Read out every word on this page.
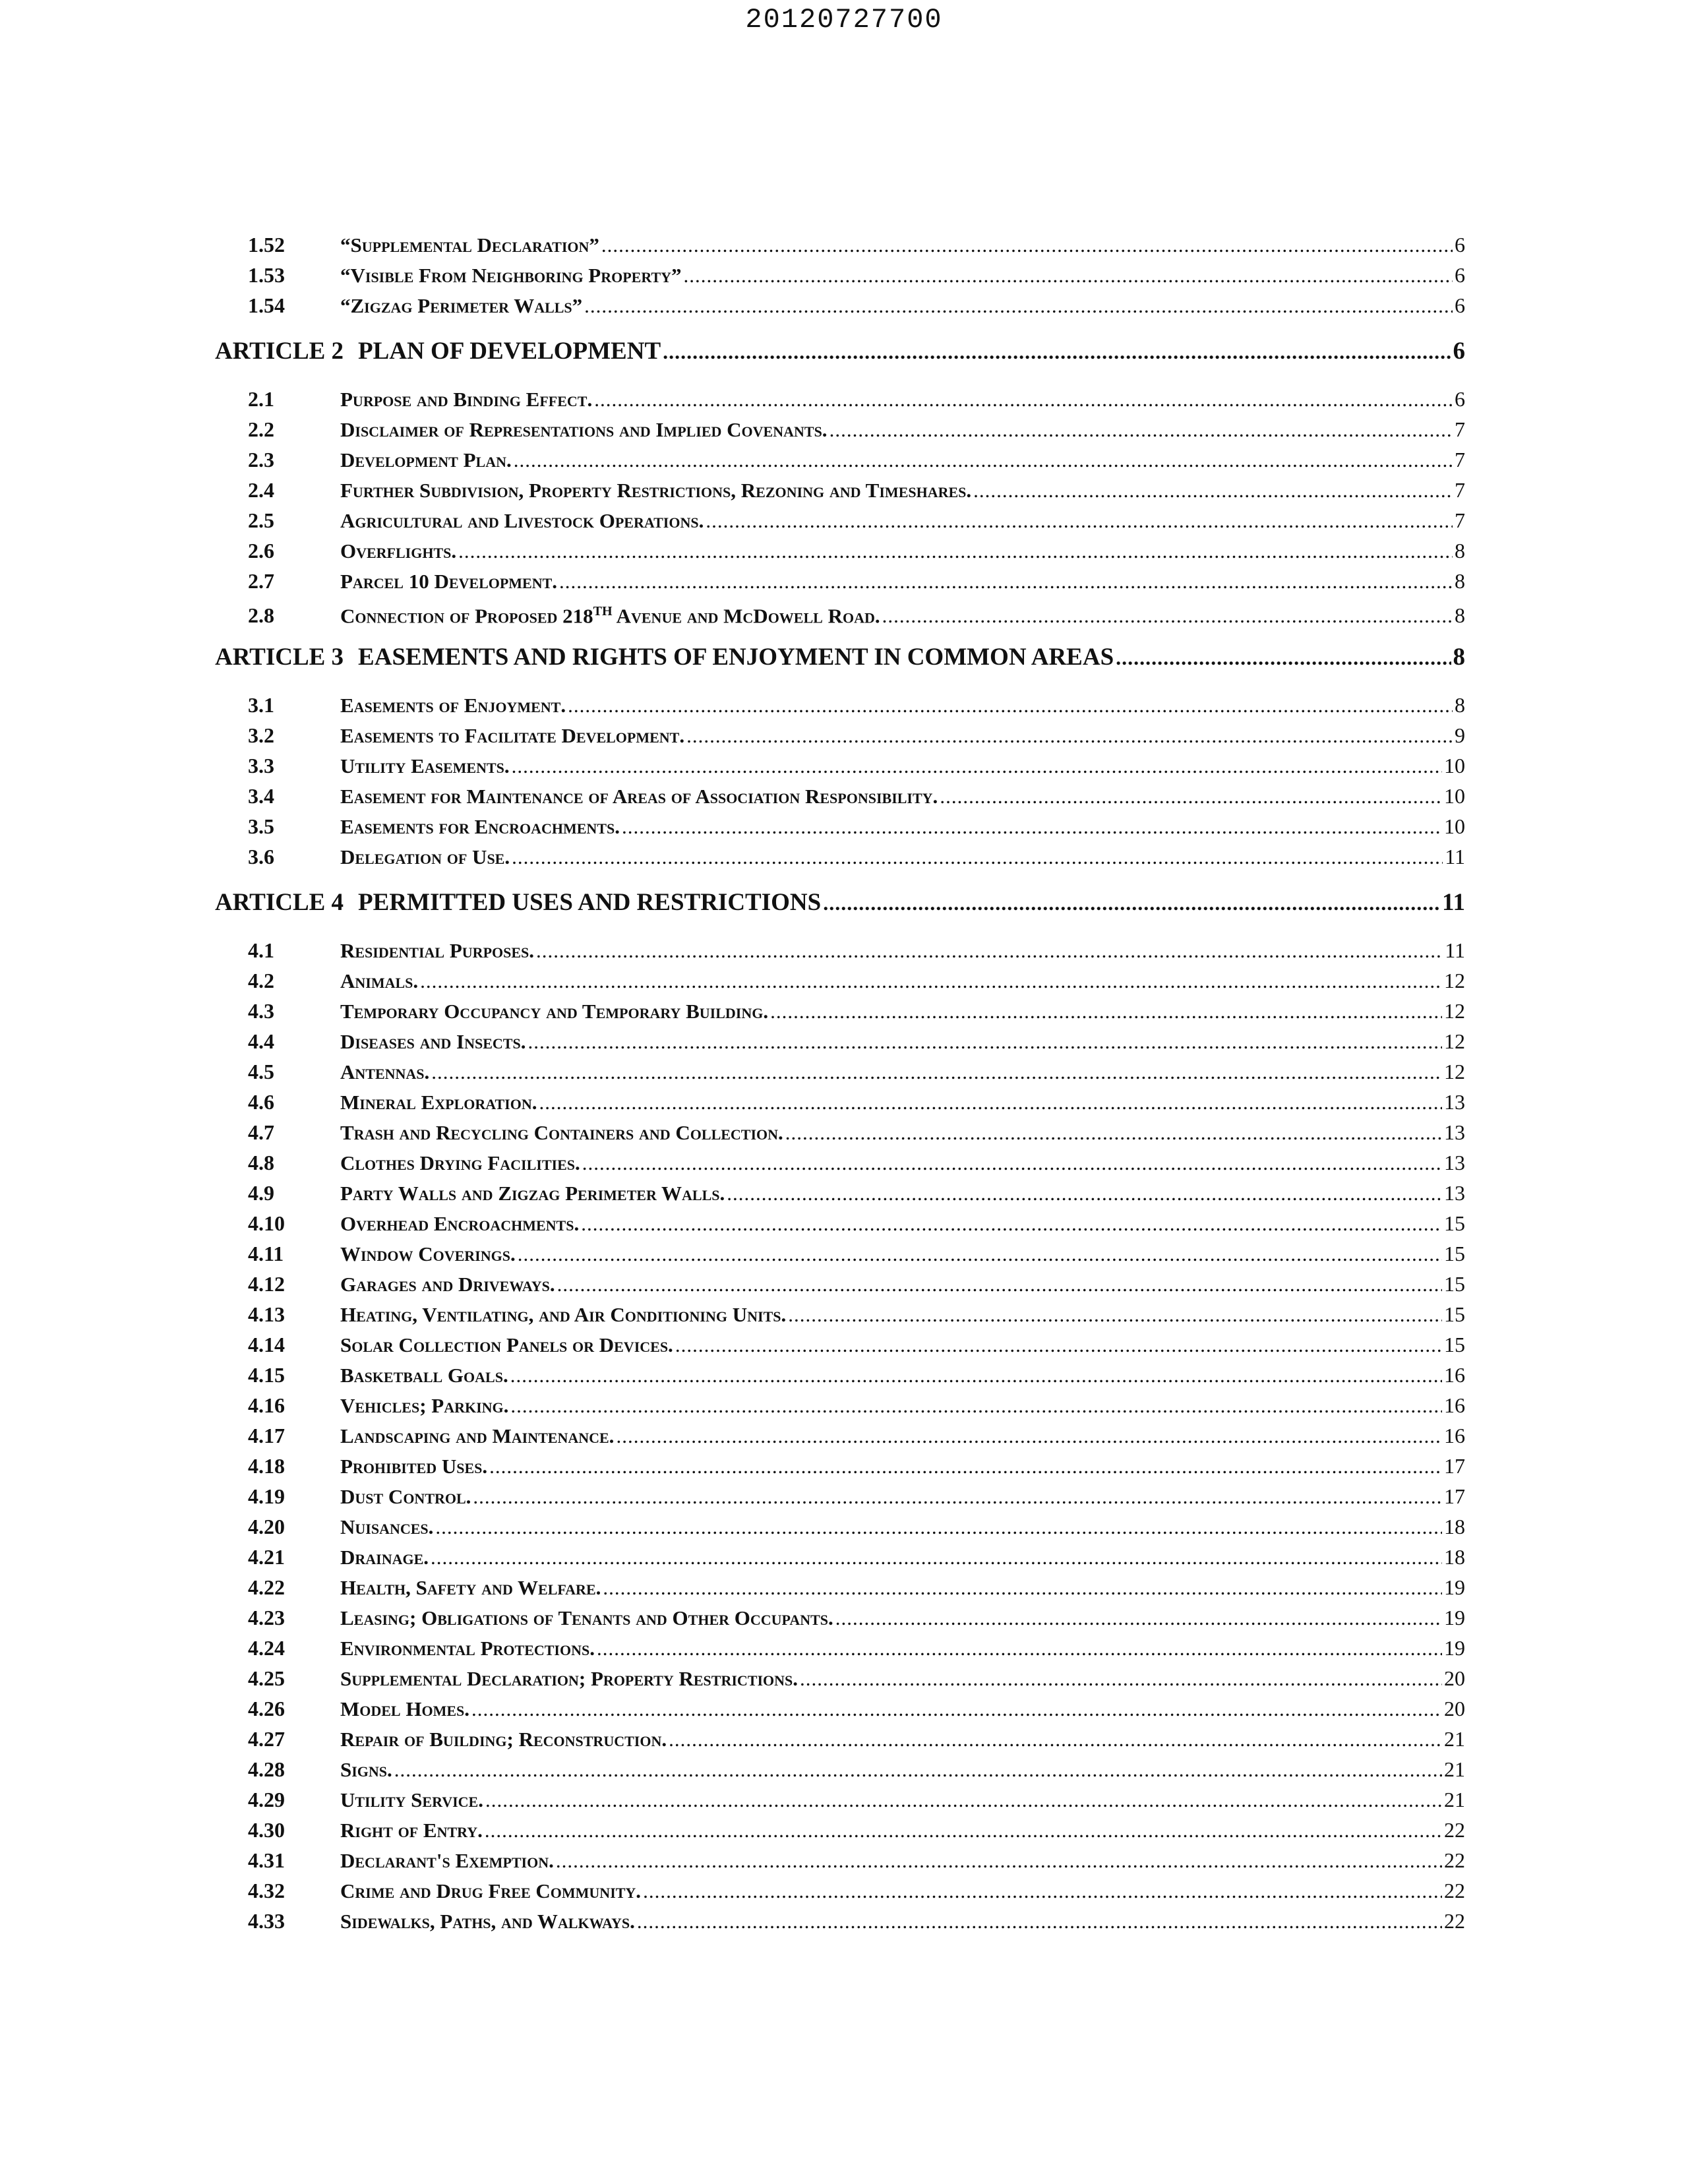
20120727700
1.52	“Supplemental Declaration” .....	6
1.53	“Visible From Neighboring Property” .....	6
1.54	“Zigzag Perimeter Walls” .....	6
ARTICLE 2 PLAN OF DEVELOPMENT .....	6
2.1	Purpose and Binding Effect. .....	6
2.2	Disclaimer of Representations and Implied Covenants. .....	7
2.3	Development Plan. .....	7
2.4	Further Subdivision, Property Restrictions, Rezoning and Timeshares. .....	7
2.5	Agricultural and Livestock Operations. .....	7
2.6	Overflights. .....	8
2.7	Parcel 10 Development. .....	8
2.8	Connection of Proposed 218TH Avenue and McDowell Road. .....	8
ARTICLE 3 EASEMENTS AND RIGHTS OF ENJOYMENT IN COMMON AREAS .....	8
3.1	Easements of Enjoyment. .....	8
3.2	Easements to Facilitate Development. .....	9
3.3	Utility Easements. .....	10
3.4	Easement for Maintenance of Areas of Association Responsibility. .....	10
3.5	Easements for Encroachments. .....	10
3.6	Delegation of Use. .....	11
ARTICLE 4 PERMITTED USES AND RESTRICTIONS .....	11
4.1	Residential Purposes. .....	11
4.2	Animals. .....	12
4.3	Temporary Occupancy and Temporary Building. .....	12
4.4	Diseases and Insects. .....	12
4.5	Antennas. .....	12
4.6	Mineral Exploration. .....	13
4.7	Trash and Recycling Containers and Collection. .....	13
4.8	Clothes Drying Facilities. .....	13
4.9	Party Walls and Zigzag Perimeter Walls. .....	13
4.10	Overhead Encroachments. .....	15
4.11	Window Coverings. .....	15
4.12	Garages and Driveways. .....	15
4.13	Heating, Ventilating, and Air Conditioning Units. .....	15
4.14	Solar Collection Panels or Devices. .....	15
4.15	Basketball Goals. .....	16
4.16	Vehicles; Parking. .....	16
4.17	Landscaping and Maintenance. .....	16
4.18	Prohibited Uses. .....	17
4.19	Dust Control. .....	17
4.20	Nuisances. .....	18
4.21	Drainage. .....	18
4.22	Health, Safety and Welfare. .....	19
4.23	Leasing; Obligations of Tenants and Other Occupants. .....	19
4.24	Environmental Protections. .....	19
4.25	Supplemental Declaration; Property Restrictions. .....	20
4.26	Model Homes. .....	20
4.27	Repair of Building; Reconstruction. .....	21
4.28	Signs. .....	21
4.29	Utility Service. .....	21
4.30	Right of Entry. .....	22
4.31	Declarant's Exemption. .....	22
4.32	Crime and Drug Free Community. .....	22
4.33	Sidewalks, Paths, and Walkways. .....	22
